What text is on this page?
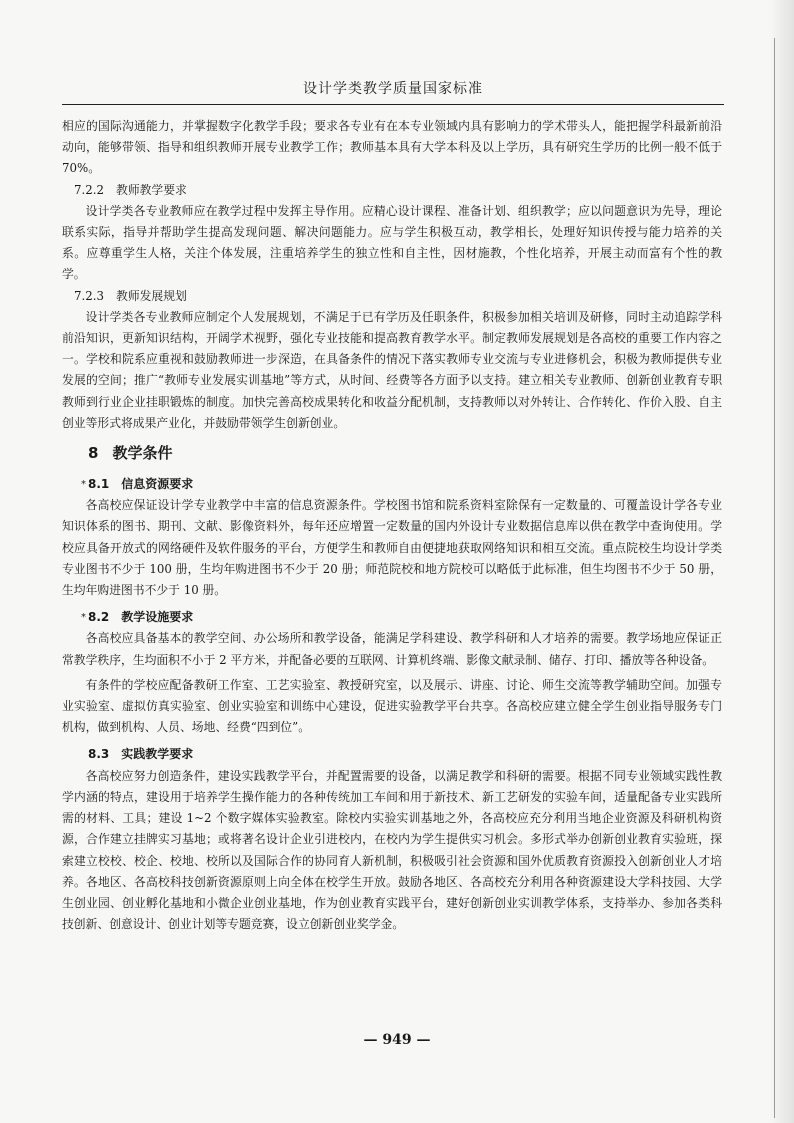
设计学类教学质量国家标准

相应的国际沟通能力，并掌握数字化教学手段；要求各专业有在本专业领域内具有影响力的学术带头人，能把握学科最新前沿动向，能够带领、指导和组织教师开展专业教学工作；教师基本具有大学本科及以上学历，具有研究生学历的比例一般不低于 70%。

7.2.2 教师教学要求

设计学类各专业教师应在教学过程中发挥主导作用。应精心设计课程、准备计划、组织教学；应以问题意识为先导，理论联系实际，指导并帮助学生提高发现问题、解决问题能力。应与学生积极互动，教学相长，处理好知识传授与能力培养的关系。应尊重学生人格，关注个体发展，注重培养学生的独立性和自主性，因材施教，个性化培养，开展主动而富有个性的教学。

7.2.3 教师发展规划

设计学类各专业教师应制定个人发展规划，不满足于已有学历及任职条件，积极参加相关培训及研修，同时主动追踪学科前沿知识，更新知识结构，开阔学术视野，强化专业技能和提高教育教学水平。制定教师发展规划是各高校的重要工作内容之一。学校和院系应重视和鼓励教师进一步深造，在具备条件的情况下落实教师专业交流与专业进修机会，积极为教师提供专业发展的空间；推广“教师专业发展实训基地”等方式，从时间、经费等各方面予以支持。建立相关专业教师、创新创业教育专职教师到行业企业挂职锻炼的制度。加快完善高校成果转化和收益分配机制，支持教师以对外转让、合作转化、作价入股、自主创业等形式将成果产业化，并鼓励带领学生创新创业。

8 教学条件
* 8.1 信息资源要求

各高校应保证设计学专业教学中丰富的信息资源条件。学校图书馆和院系资料室除保有一定数量的、可覆盖设计学各专业知识体系的图书、期刊、文献、影像资料外，每年还应增置一定数量的国内外设计专业数据信息库以供在教学中查询使用。学校应具备开放式的网络硬件及软件服务的平台，方便学生和教师自由便捷地获取网络知识和相互交流。重点院校生均设计学类专业图书不少于 100 册，生均年购进图书不少于 20 册；师范院校和地方院校可以略低于此标准，但生均图书不少于 50 册，生均年购进图书不少于 10 册。

* 8.2 教学设施要求

各高校应具备基本的教学空间、办公场所和教学设备，能满足学科建设、教学科研和人才培养的需要。教学场地应保证正常教学秩序，生均面积不小于 2 平方米，并配备必要的互联网、计算机终端、影像文献录制、储存、打印、播放等各种设备。

有条件的学校应配备教研工作室、工艺实验室、教授研究室，以及展示、讲座、讨论、师生交流等教学辅助空间。加强专业实验室、虚拟仿真实验室、创业实验室和训练中心建设，促进实验教学平台共享。各高校应建立健全学生创业指导服务专门机构，做到机构、人员、场地、经费“四到位”。

8.3 实践教学要求

各高校应努力创造条件，建设实践教学平台，并配置需要的设备，以满足教学和科研的需要。根据不同专业领域实践性教学内涵的特点，建设用于培养学生操作能力的各种传统加工车间和用于新技术、新工艺研发的实验车间，适量配备专业实践所需的材料、工具；建设 1~2 个数字媒体实验教室。除校内实验实训基地之外，各高校应充分利用当地企业资源及科研机构资源，合作建立挂牌实习基地；或将著名设计企业引进校内，在校内为学生提供实习机会。多形式举办创新创业教育实验班，探索建立校校、校企、校地、校所以及国际合作的协同育人新机制，积极吸引社会资源和国外优质教育资源投入创新创业人才培养。各地区、各高校科技创新资源原则上向全体在校学生开放。鼓励各地区、各高校充分利用各种资源建设大学科技园、大学生创业园、创业孵化基地和小微企业创业基地，作为创业教育实践平台，建好创新创业实训教学体系，支持举办、参加各类科技创新、创意设计、创业计划等专题竞赛，设立创新创业奖学金。

— 949 —
